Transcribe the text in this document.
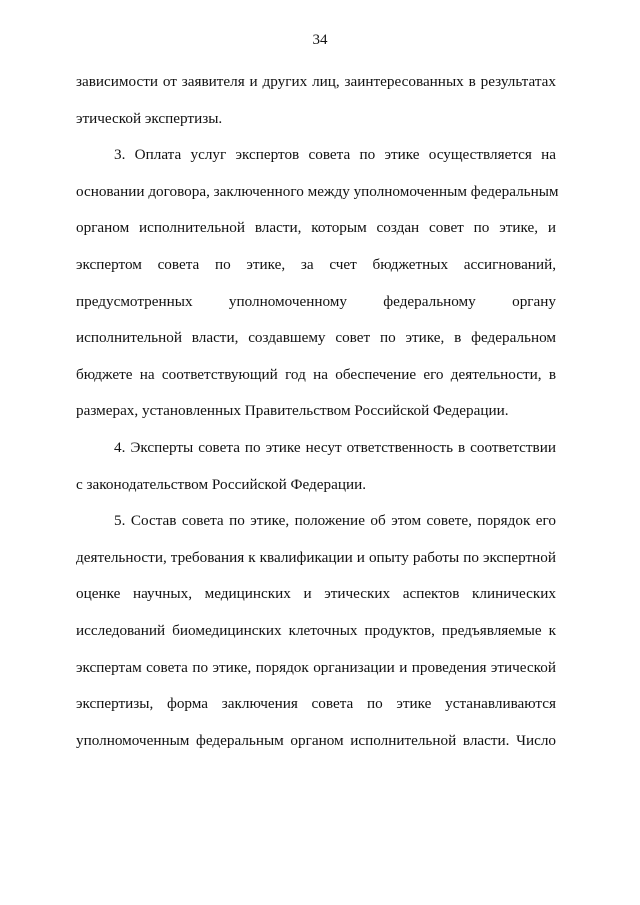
34
зависимости от заявителя и других лиц, заинтересованных в результатах
этической экспертизы.
3. Оплата услуг экспертов совета по этике осуществляется на
основании договора, заключенного между уполномоченным федеральным
органом исполнительной власти, которым создан совет по этике, и
экспертом совета по этике, за счет бюджетных ассигнований,
предусмотренных уполномоченному федеральному органу
исполнительной власти, создавшему совет по этике, в федеральном
бюджете на соответствующий год на обеспечение его деятельности, в
размерах, установленных Правительством Российской Федерации.
4. Эксперты совета по этике несут ответственность в соответствии
с законодательством Российской Федерации.
5. Состав совета по этике, положение об этом совете, порядок его
деятельности, требования к квалификации и опыту работы по экспертной
оценке научных, медицинских и этических аспектов клинических
исследований биомедицинских клеточных продуктов, предъявляемые к
экспертам совета по этике, порядок организации и проведения этической
экспертизы, форма заключения совета по этике устанавливаются
уполномоченным федеральным органом исполнительной власти. Число
